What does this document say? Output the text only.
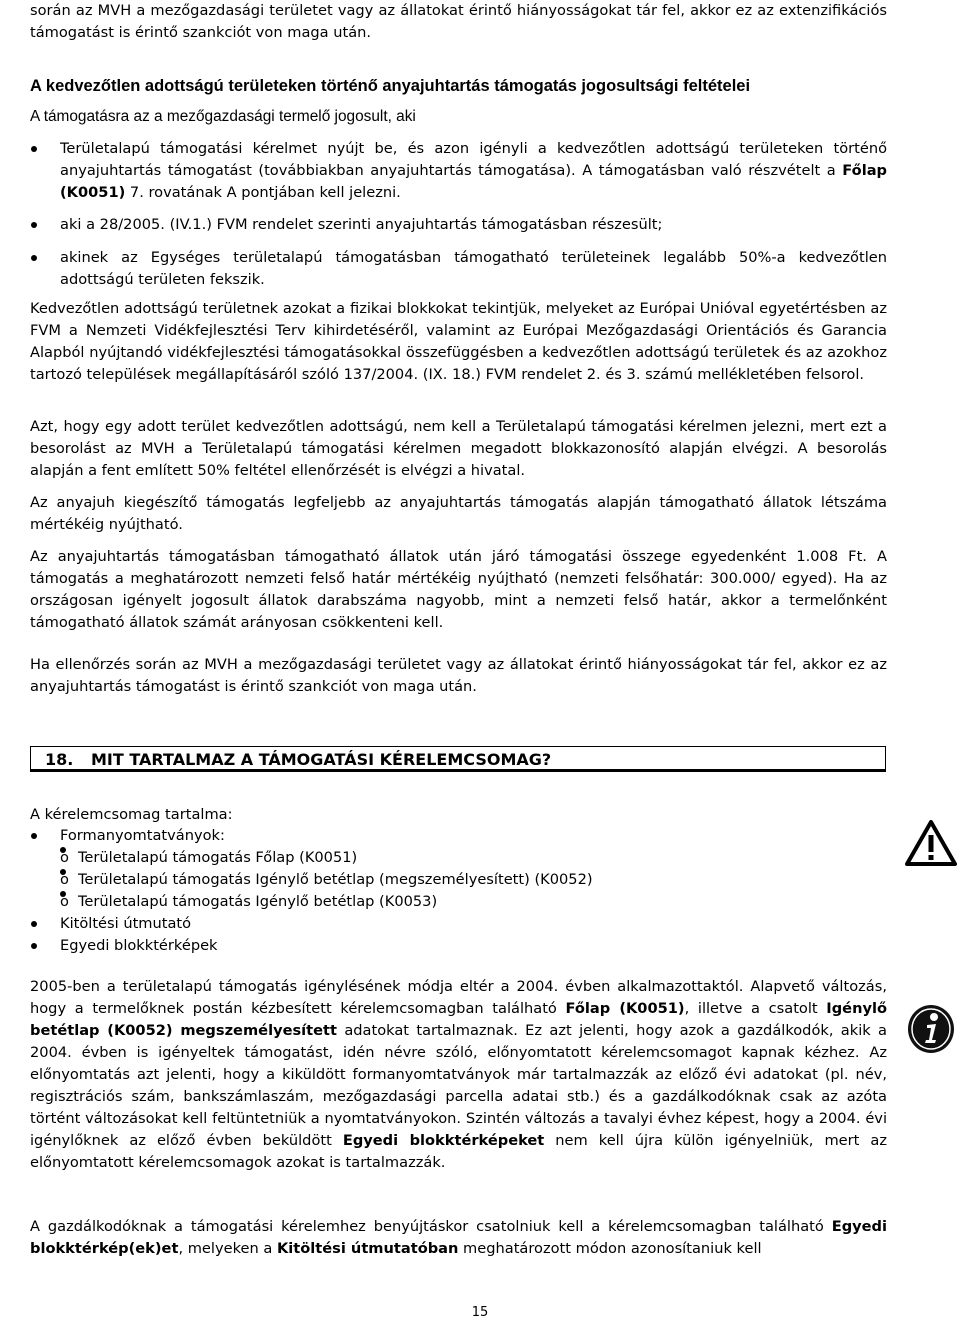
során az MVH a mezőgazdasági területet vagy az állatokat érintő hiányosságokat tár fel, akkor ez az extenzifikációs támogatást is érintő szankciót von maga után.

A kedvezőtlen adottságú területeken történő anyajuhtartás támogatás jogosultsági feltételei

A támogatásra az a mezőgazdasági termelő jogosult, aki

Területalapú támogatási kérelmet nyújt be, és azon igényli a kedvezőtlen adottságú területeken történő anyajuhtartás támogatást (továbbiakban anyajuhtartás támogatása). A támogatásban való részvételt a Főlap (K0051) 7. rovatának A pontjában kell jelezni.
aki a 28/2005. (IV.1.) FVM rendelet szerinti anyajuhtartás támogatásban részesült;
akinek az Egységes területalapú támogatásban támogatható területeinek legalább 50%-a kedvezőtlen adottságú területen fekszik.

Kedvezőtlen adottságú területnek azokat a fizikai blokkokat tekintjük, melyeket az Európai Unióval egyetértésben az FVM a Nemzeti Vidékfejlesztési Terv kihirdetéséről, valamint az Európai Mezőgazdasági Orientációs és Garancia Alapból nyújtandó vidékfejlesztési támogatásokkal összefüggésben a kedvezőtlen adottságú területek és az azokhoz tartozó települések megállapításáról szóló 137/2004. (IX. 18.) FVM rendelet 2. és 3. számú mellékletében felsorol.

Azt, hogy egy adott terület kedvezőtlen adottságú, nem kell a Területalapú támogatási kérelmen jelezni, mert ezt a besorolást az MVH a Területalapú támogatási kérelmen megadott blokkazonosító alapján elvégzi. A besorolás alapján a fent említett 50% feltétel ellenőrzését is elvégzi a hivatal.

Az anyajuh kiegészítő támogatás legfeljebb az anyajuhtartás támogatás alapján támogatható állatok létszáma mértékéig nyújtható.

Az anyajuhtartás támogatásban támogatható állatok után járó támogatási összege egyedenként 1.008 Ft. A támogatás a meghatározott nemzeti felső határ mértékéig nyújtható (nemzeti felsőhatár: 300.000/ egyed). Ha az országosan igényelt jogosult állatok darabszáma nagyobb, mint a nemzeti felső határ, akkor a termelőnként támogatható állatok számát arányosan csökkenteni kell.

Ha ellenőrzés során az MVH a mezőgazdasági területet vagy az állatokat érintő hiányosságokat tár fel, akkor ez az anyajuhtartás támogatást is érintő szankciót von maga után.

18. MIT TARTALMAZ A TÁMOGATÁSI KÉRELEMCSOMAG?

A kérelemcsomag tartalma:

Formanyomtatványok:
o Területalapú támogatás Főlap (K0051)
o Területalapú támogatás Igénylő betétlap (megszemélyesített) (K0052)
o Területalapú támogatás Igénylő betétlap (K0053)
Kitöltési útmutató
Egyedi blokktérképek

2005-ben a területalapú támogatás igénylésének módja eltér a 2004. évben alkalmazottaktól. Alapvető változás, hogy a termelőknek postán kézbesített kérelemcsomagban található Főlap (K0051), illetve a csatolt Igénylő betétlap (K0052) megszemélyesített adatokat tartalmaznak. Ez azt jelenti, hogy azok a gazdálkodók, akik a 2004. évben is igényeltek támogatást, idén névre szóló, előnyomtatott kérelemcsomagot kapnak kézhez. Az előnyomtatás azt jelenti, hogy a kiküldött formanyomtatványok már tartalmazzák az előző évi adatokat (pl. név, regisztrációs szám, bankszámlaszám, mezőgazdasági parcella adatai stb.) és a gazdálkodóknak csak az azóta történt változásokat kell feltüntetniük a nyomtatványokon. Szintén változás a tavalyi évhez képest, hogy a 2004. évi igénylőknek az előző évben beküldött Egyedi blokktérképeket nem kell újra külön igényelniük, mert az előnyomtatott kérelemcsomagok azokat is tartalmazzák.

A gazdálkodóknak a támogatási kérelemhez benyújtáskor csatolniuk kell a kérelemcsomagban található Egyedi blokktérkép(ek)et, melyeken a Kitöltési útmutatóban meghatározott módon azonosítaniuk kell

15
